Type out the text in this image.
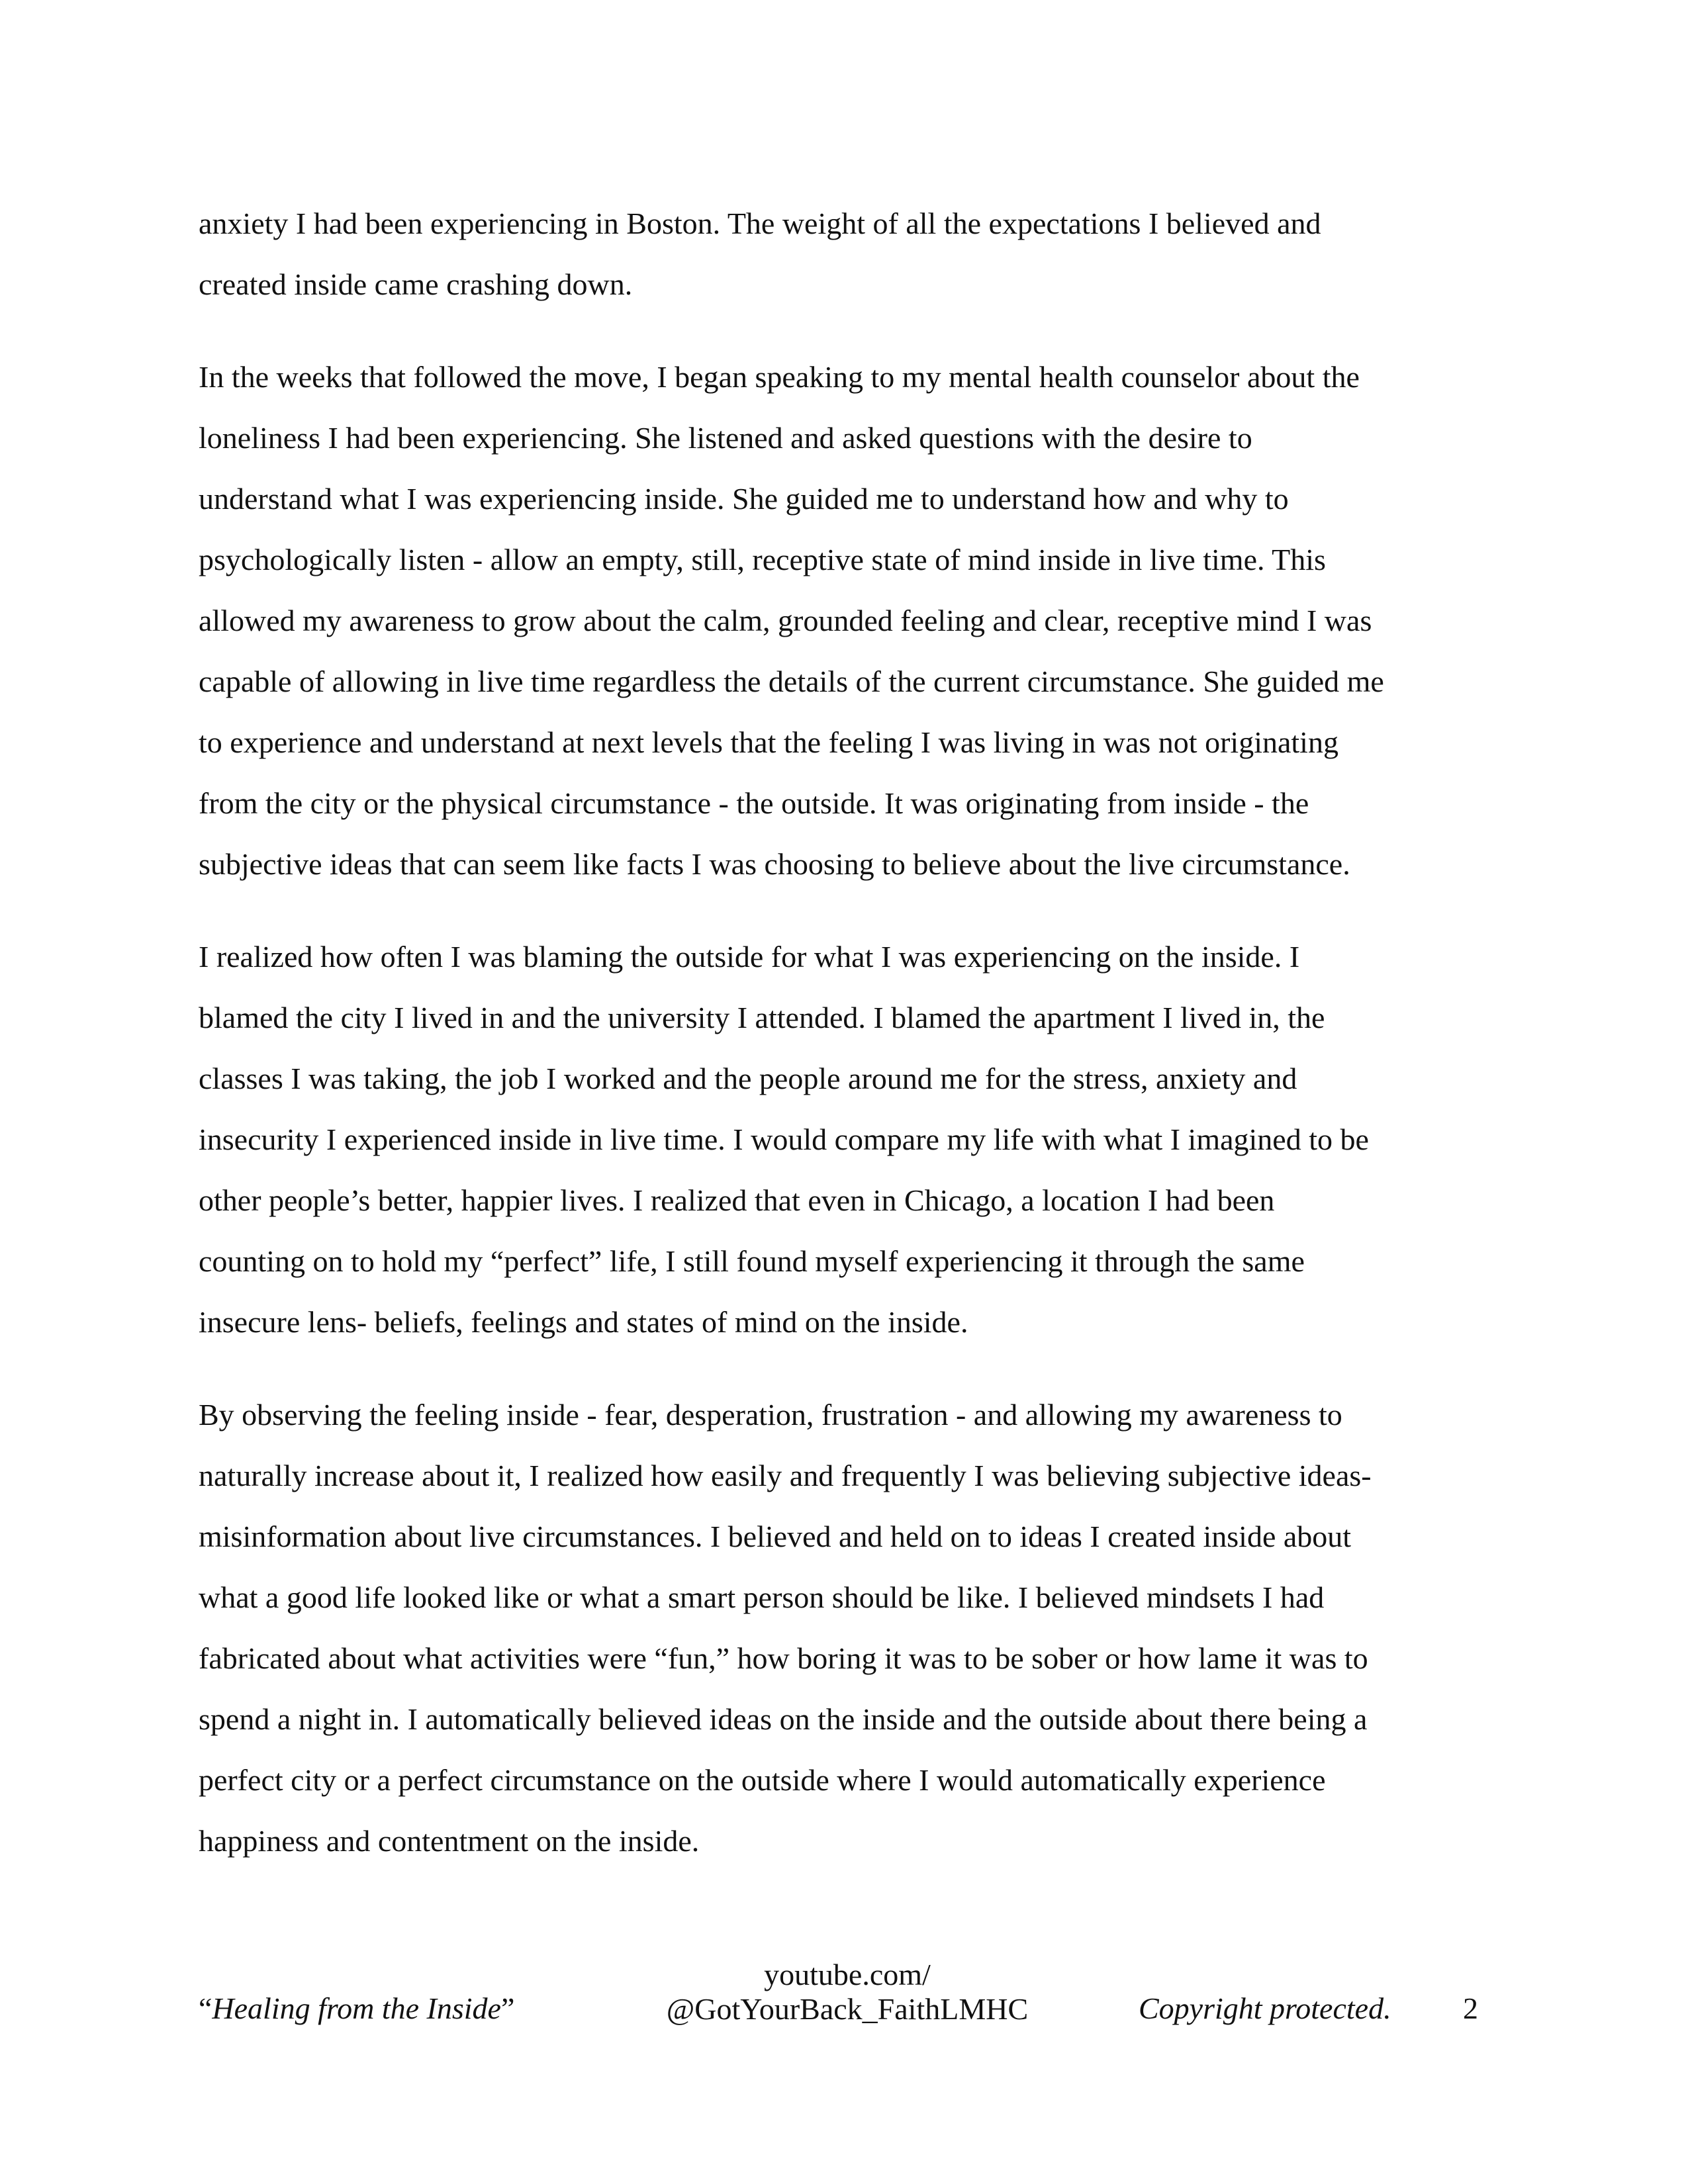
anxiety I had been experiencing in Boston. The weight of all the expectations I believed and

created inside came crashing down.

In the weeks that followed the move, I began speaking to my mental health counselor about the

loneliness I had been experiencing. She listened and asked questions with the desire to

understand what I was experiencing inside. She guided me to understand how and why to

psychologically listen - allow an empty, still, receptive state of mind inside in live time. This

allowed my awareness to grow about the calm, grounded feeling and clear, receptive mind I was

capable of allowing in live time regardless the details of the current circumstance. She guided me

to experience and understand at next levels that the feeling I was living in was not originating

from the city or the physical circumstance - the outside. It was originating from inside - the

subjective ideas that can seem like facts I was choosing to believe about the live circumstance.

I realized how often I was blaming the outside for what I was experiencing on the inside. I

blamed the city I lived in and the university I attended. I blamed the apartment I lived in, the

classes I was taking, the job I worked and the people around me for the stress, anxiety and

insecurity I experienced inside in live time. I would compare my life with what I imagined to be

other people’s better, happier lives. I realized that even in Chicago, a location I had been

counting on to hold my “perfect” life, I still found myself experiencing it through the same

insecure lens- beliefs, feelings and states of mind on the inside.

By observing the feeling inside - fear, desperation, frustration - and allowing my awareness to

naturally increase about it, I realized how easily and frequently I was believing subjective ideas-

misinformation about live circumstances. I believed and held on to ideas I created inside about

what a good life looked like or what a smart person should be like. I believed mindsets I had

fabricated about what activities were “fun,” how boring it was to be sober or how lame it was to

spend a night in. I automatically believed ideas on the inside and the outside about there being a

perfect city or a perfect circumstance on the outside where I would automatically experience

happiness and contentment on the inside.

“Healing from the Inside”
youtube.com/
@GotYourBack_FaithLMHC	Copyright protected. 2
